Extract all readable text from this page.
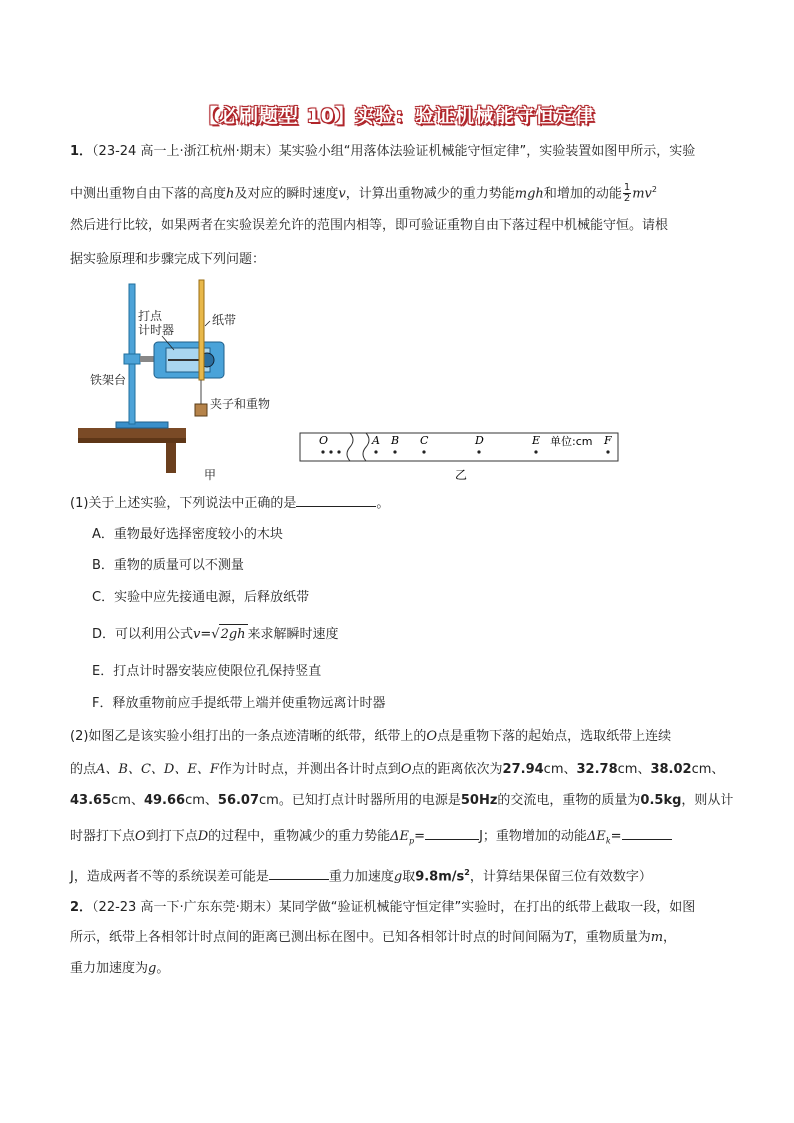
【必刷题型 10】实验：验证机械能守恒定律
1．（23-24 高一上·浙江杭州·期末）某实验小组“用落体法验证机械能守恒定律”，实验装置如图甲所示，实验
中测出重物自由下落的高度h及对应的瞬时速度v，计算出重物减少的重力势能mgh和增加的动能 $\frac{1}{2} mv^2$
然后进行比较，如果两者在实验误差允许的范围内相等，即可验证重物自由下落过程中机械能守恒。请根
据实验原理和步骤完成下列问题：
打点
计时器
纸带
铁架台
夹子和重物
甲
O	A B C	D	E 单位:cm F
乙
(1)关于上述实验，下列说法中正确的是	。
A．重物最好选择密度较小的木块
B．重物的质量可以不测量
C．实验中应先接通电源，后释放纸带
D．可以利用公式v=√2gh 来求解瞬时速度
E．打点计时器安装应使限位孔保持竖直
F．释放重物前应手提纸带上端并使重物远离计时器
(2)如图乙是该实验小组打出的一条点迹清晰的纸带，纸带上的O点是重物下落的起始点，选取纸带上连续
的点A、B、C、D、E、F作为计时点，并测出各计时点到O点的距离依次为27.94cm、32.78cm、38.02cm、
43.65cm、49.66cm、56.07cm。已知打点计时器所用的电源是50Hz的交流电，重物的质量为0.5kg，则从计
时器打下点O到打下点D的过程中，重物减少的重力势能$\Delta E_p=$	J；重物增加的动能$\Delta E_k=$
J，造成两者不等的系统误差可能是	重力加速度g取$9.8m/s^2$，计算结果保留三位有效数字）
2．（22-23 高一下·广东东莞·期末）某同学做“验证机械能守恒定律”实验时，在打出的纸带上截取一段，如图
所示，纸带上各相邻计时点间的距离已测出标在图中。已知各相邻计时点的时间间隔为T，重物质量为m，
重力加速度为g。
